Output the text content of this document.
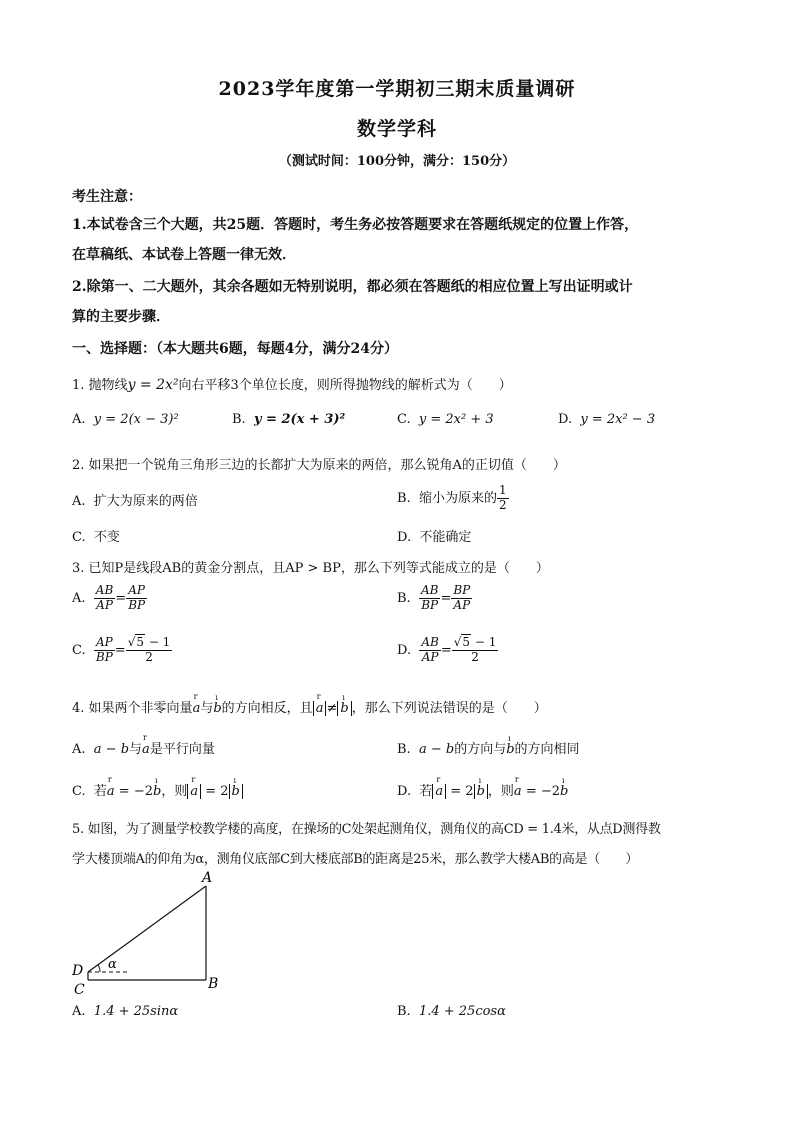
2023学年度第一学期初三期末质量调研
数学学科
（测试时间：100分钟，满分：150分）
考生注意：
1.本试卷含三个大题，共25题．答题时，考生务必按答题要求在答题纸规定的位置上作答，
在草稿纸、本试卷上答题一律无效．
2.除第一、二大题外，其余各题如无特别说明，都必须在答题纸的相应位置上写出证明或计
算的主要步骤．
一、选择题：（本大题共6题，每题4分，满分24分）
1. 抛物线y = 2x²向右平移3个单位长度，则所得抛物线的解析式为（　　）
A. y = 2(x − 3)²	B. y = 2(x + 3)²	C. y = 2x² + 3	D. y = 2x² − 3
2. 如果把一个锐角三角形三边的长都扩大为原来的两倍，那么锐角A的正切值（　　）
A. 扩大为原来的两倍	B. 缩小为原来的 $\frac{1}{2}$
C. 不变	D. 不能确定
3. 已知P是线段AB的黄金分割点，且AP > BP，那么下列等式能成立的是（　　）
A. $\frac{AB}{AP} = \frac{AP}{BP}$	B. $\frac{AB}{BP} = \frac{BP}{AP}$
C. $\frac{AP}{BP} = \frac{√5 - 1}{2}$	D. $\frac{AB}{AP} = \frac{√5 - 1}{2}$
4. 如果两个非零向量r a与ı b的方向相反，且 r a ≠ ı b ，那么下列说法错误的是（　　）
A. a − b与r a是平行向量	B. a − b的方向与ı b的方向相同
C. 若r a = −2ı b，则 r a = 2 ı b	D. 若 r a = 2 ı b ，则r a = −2ı b
5. 如图，为了测量学校教学楼的高度，在操场的C处架起测角仪，测角仪的高CD = 1.4米，从点D测得教
学大楼顶端A的仰角为α，测角仪底部C到大楼底部B的距离是25米，那么教学大楼AB的高是（　　）
A
B
C
D α
A. 1.4 + 25sinα	B. 1.4 + 25cosα
